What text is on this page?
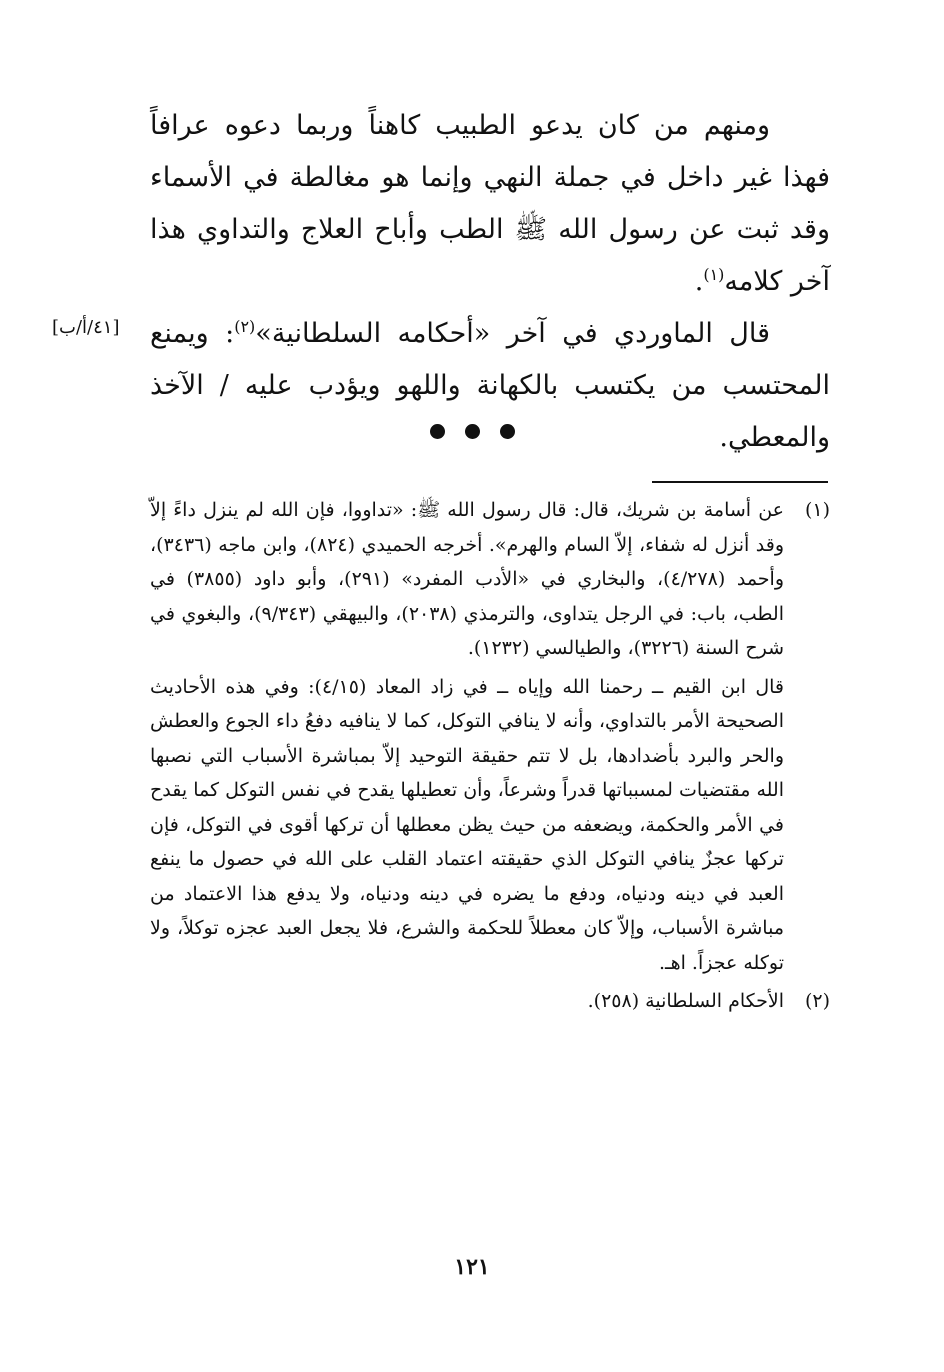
ومنهم من كان يدعو الطبيب كاهناً وربما دعوه عرافاً فهذا غير داخل في جملة النهي وإنما هو مغالطة في الأسماء وقد ثبت عن رسول الله ﷺ الطب وأباح العلاج والتداوي هذا آخر كلامه$^{(١)}$.

قال الماوردي في آخر «أحكامه السلطانية»$^{(٢)}$: ويمنع المحتسب من يكتسب بالكهانة واللهو ويؤدب عليه / الآخذ والمعطي.

[٤١/أ/ب]
(١)

عن أسامة بن شريك، قال: قال رسول الله ﷺ: «تداووا، فإن الله لم ينزل داءً إلاّ وقد أنزل له شفاء، إلاّ السام والهرم». أخرجه الحميدي (٨٢٤)، وابن ماجه (٣٤٣٦)، وأحمد (٤/٢٧٨)، والبخاري في «الأدب المفرد» (٢٩١)، وأبو داود (٣٨٥٥) في الطب، باب: في الرجل يتداوى، والترمذي (٢٠٣٨)، والبيهقي (٩/٣٤٣)، والبغوي في شرح السنة (٣٢٢٦)، والطيالسي (١٢٣٢).

قال ابن القيم ــ رحمنا الله وإياه ــ في زاد المعاد (٤/١٥): وفي هذه الأحاديث الصحيحة الأمر بالتداوي، وأنه لا ينافي التوكل، كما لا ينافيه دفعُ داء الجوع والعطش والحر والبرد بأضدادها، بل لا تتم حقيقة التوحيد إلاّ بمباشرة الأسباب التي نصبها الله مقتضيات لمسبباتها قدراً وشرعاً، وأن تعطيلها يقدح في نفس التوكل كما يقدح في الأمر والحكمة، ويضعفه من حيث يظن معطلها أن تركها أقوى في التوكل، فإن تركها عجزٌ ينافي التوكل الذي حقيقته اعتماد القلب على الله في حصول ما ينفع العبد في دينه ودنياه، ودفع ما يضره في دينه ودنياه، ولا يدفع هذا الاعتماد من مباشرة الأسباب، وإلاّ كان معطلاً للحكمة والشرع، فلا يجعل العبد عجزه توكلاً، ولا توكله عجزاً. اهـ.

(٢)

الأحكام السلطانية (٢٥٨).

١٢١
